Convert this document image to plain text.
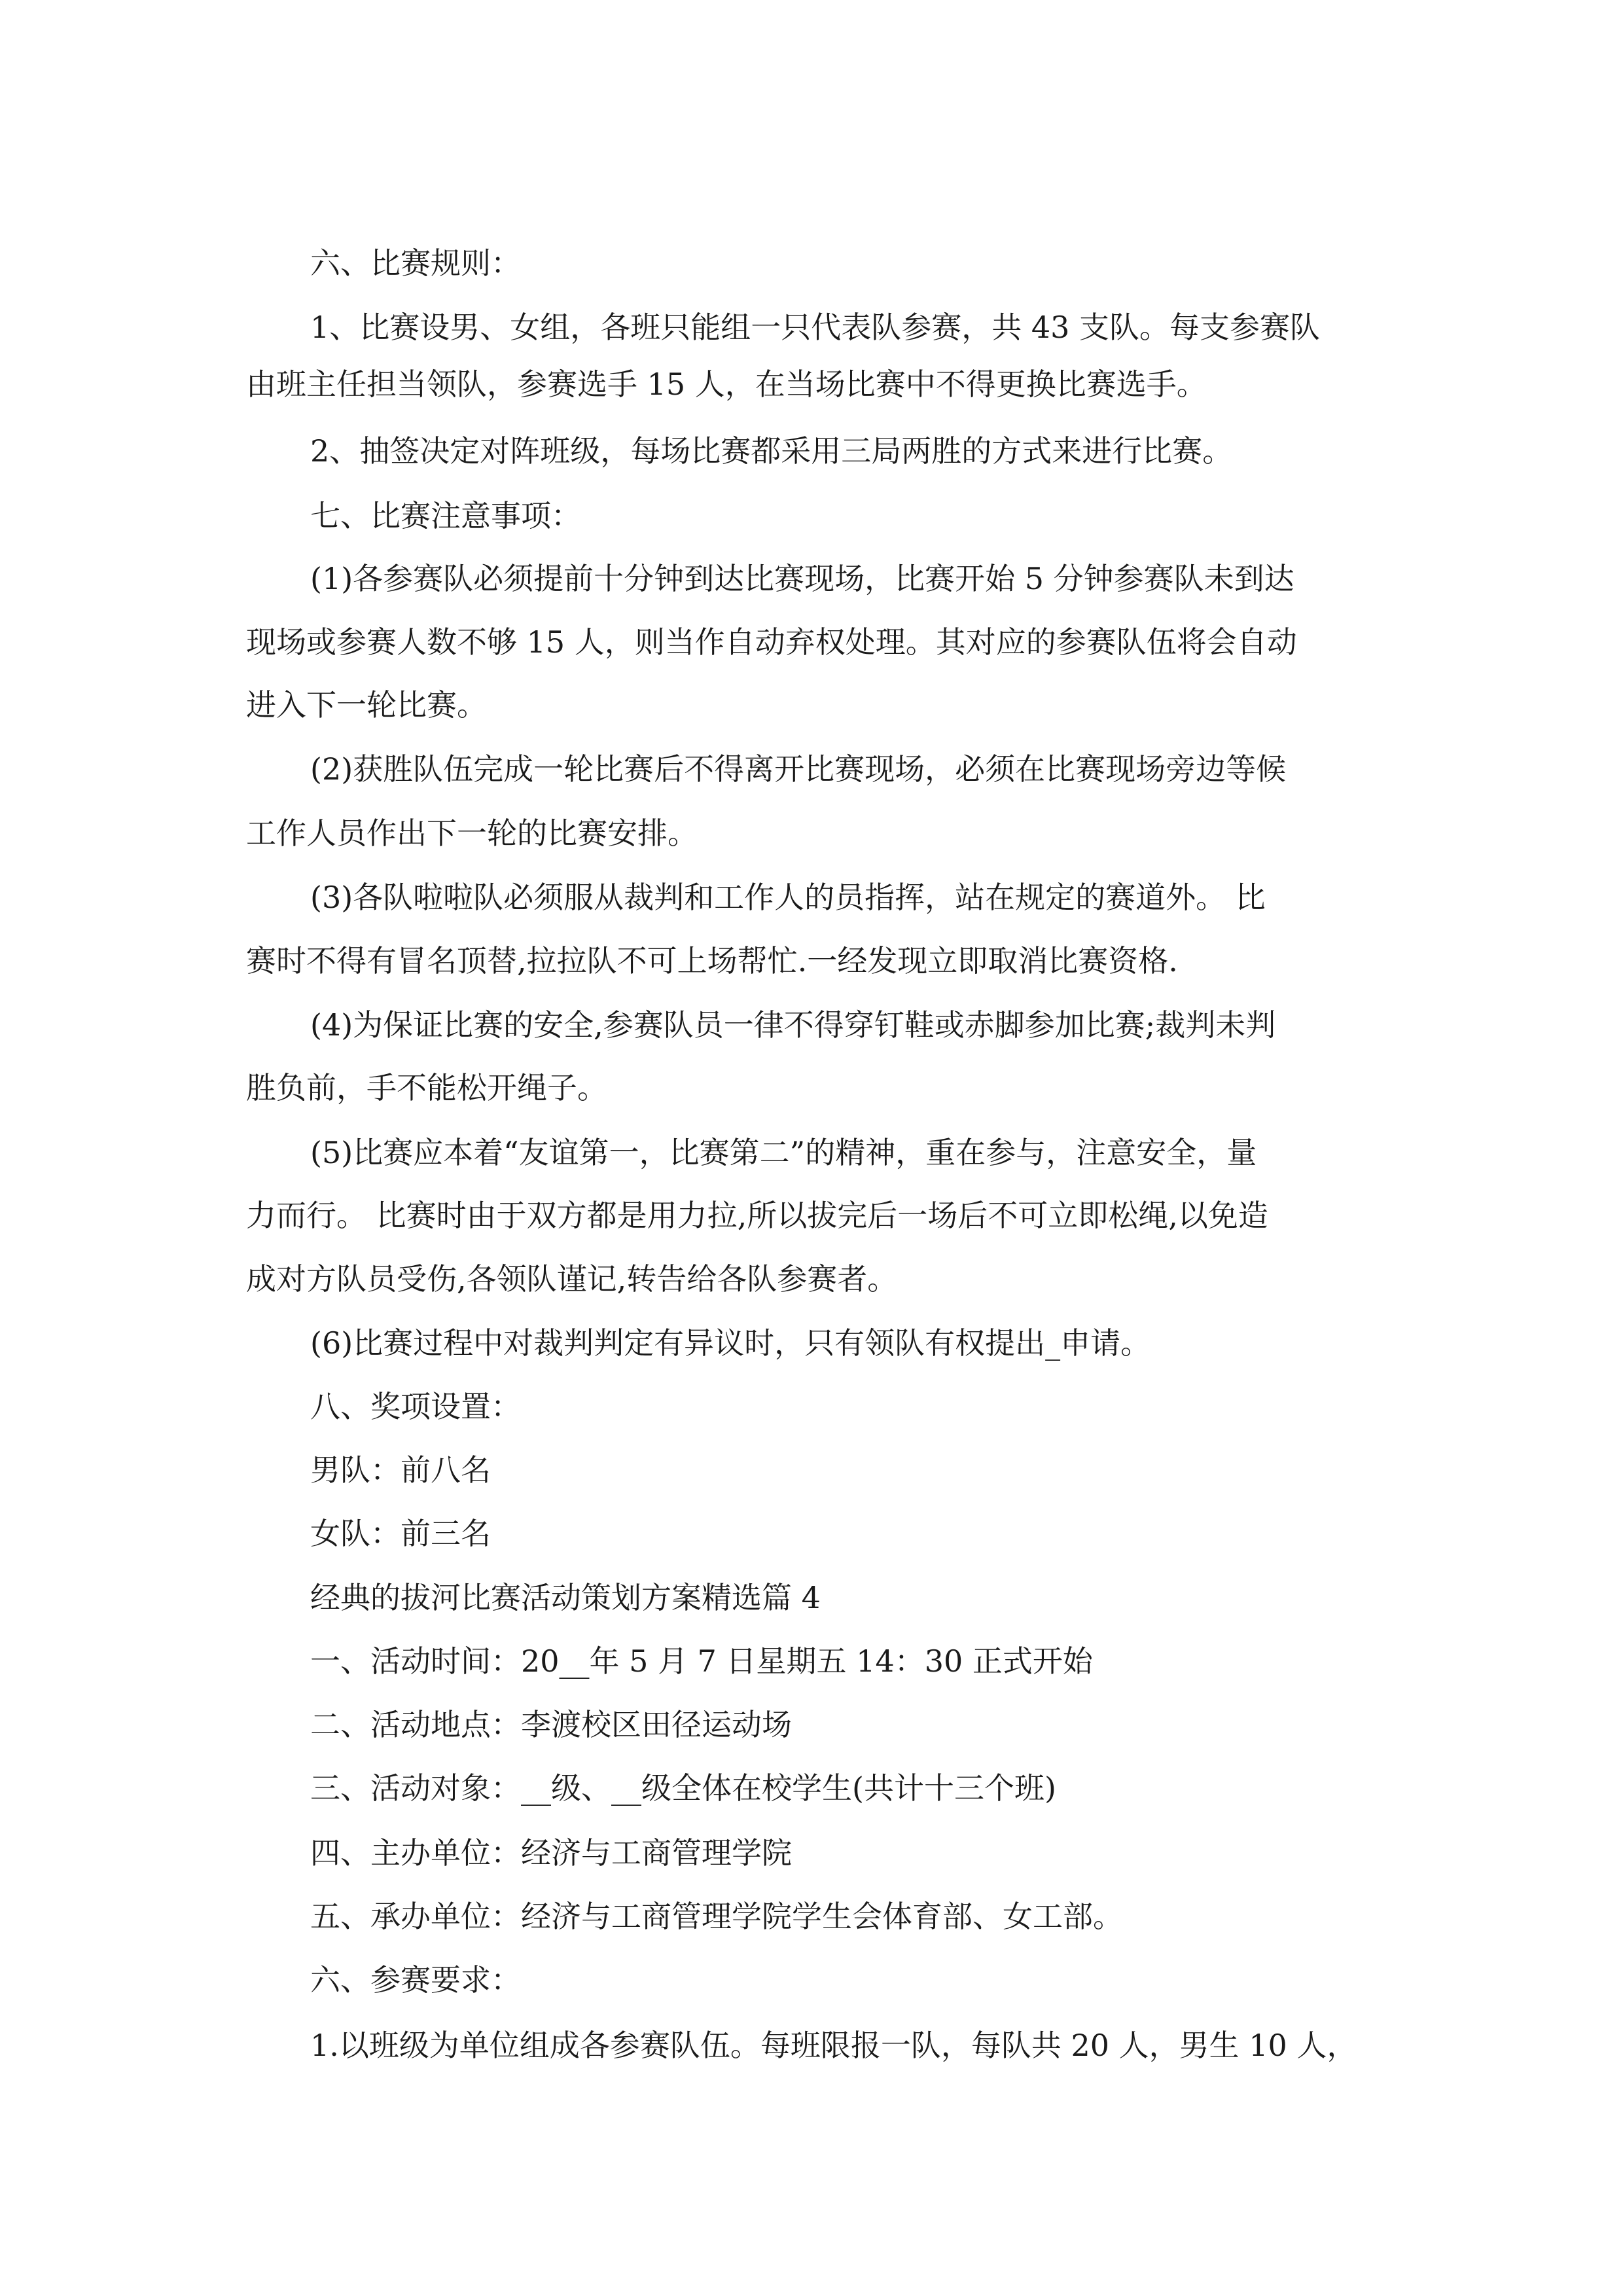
六、比赛规则：

1、比赛设男、女组，各班只能组一只代表队参赛，共 43 支队。每支参赛队

由班主任担当领队，参赛选手 15 人，在当场比赛中不得更换比赛选手。

2、抽签决定对阵班级，每场比赛都采用三局两胜的方式来进行比赛。

七、比赛注意事项：

(1)各参赛队必须提前十分钟到达比赛现场，比赛开始 5 分钟参赛队未到达

现场或参赛人数不够 15 人，则当作自动弃权处理。其对应的参赛队伍将会自动

进入下一轮比赛。

(2)获胜队伍完成一轮比赛后不得离开比赛现场，必须在比赛现场旁边等候

工作人员作出下一轮的比赛安排。

(3)各队啦啦队必须服从裁判和工作人的员指挥，站在规定的赛道外。 比

赛时不得有冒名顶替,拉拉队不可上场帮忙.一经发现立即取消比赛资格.

(4)为保证比赛的安全,参赛队员一律不得穿钉鞋或赤脚参加比赛;裁判未判

胜负前，手不能松开绳子。

(5)比赛应本着“友谊第一，比赛第二”的精神，重在参与，注意安全，量

力而行。 比赛时由于双方都是用力拉,所以拔完后一场后不可立即松绳,以免造

成对方队员受伤,各领队谨记,转告给各队参赛者。

(6)比赛过程中对裁判判定有异议时，只有领队有权提出_申请。

八、奖项设置：

男队：前八名

女队：前三名

经典的拔河比赛活动策划方案精选篇 4

一、活动时间：20__年 5 月 7 日星期五 14：30 正式开始

二、活动地点：李渡校区田径运动场

三、活动对象：__级、__级全体在校学生(共计十三个班)

四、主办单位：经济与工商管理学院

五、承办单位：经济与工商管理学院学生会体育部、女工部。

六、参赛要求：

1.以班级为单位组成各参赛队伍。每班限报一队，每队共 20 人，男生 10 人，
